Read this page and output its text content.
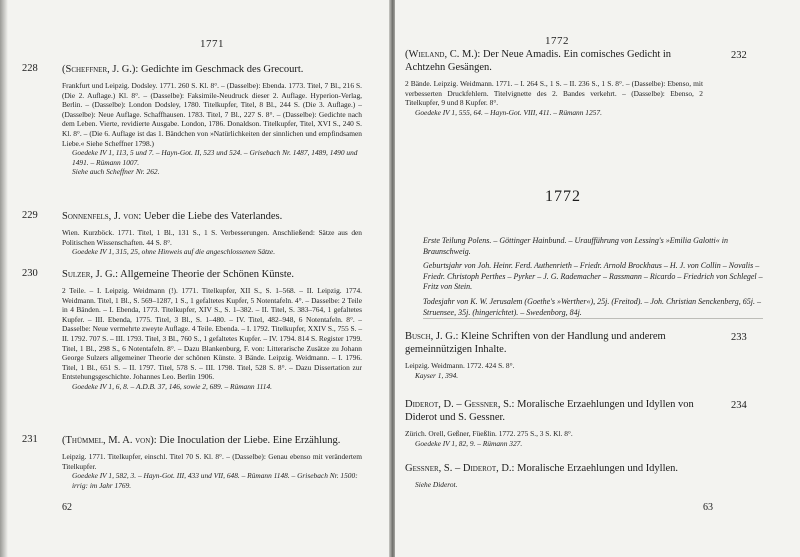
1771
228 (Scheffner, J. G.): Gedichte im Geschmack des Grecourt.
Frankfurt und Leipzig. Dodsley. 1771. 260 S. Kl. 8°. – (Dasselbe): Ebenda. 1773. Titel, 7 Bl., 216 S. (Die 2. Auflage.) Kl. 8°. – (Dasselbe): Faksimile-Neudruck dieser 2. Auflage. Hyperion-Verlag, Berlin. – (Dasselbe): London Dodsley, 1780. Titelkupfer, Titel, 8 Bl., 244 S. (Die 3. Auflage.) – (Dasselbe): Neue Auflage. Schaffhausen. 1783. Titel, 7 Bl., 227 S. 8°. – (Dasselbe): Gedichte nach dem Leben. Vierte, revidierte Ausgabe. London, 1786. Donaldson. Titelkupfer, Titel, XVI S., 240 S. Kl. 8°. – (Die 6. Auflage ist das 1. Bändchen von »Natürlichkeiten der sinnlichen und empfindsamen Liebe.« Siehe Scheffner 1798.)
Goedeke IV 1, 113, 5 und 7. – Hayn-Got. II, 523 und 524. – Grisebach Nr. 1487, 1489, 1490 und 1491. – Rümann 1007.
Siehe auch Scheffner Nr. 262.
229 Sonnenfels, J. von: Ueber die Liebe des Vaterlandes.
Wien. Kurzböck. 1771. Titel, 1 Bl., 131 S., 1 S. Verbesserungen. Anschließend: Sätze aus den Politischen Wissenschaften. 44 S. 8°.
Goedeke IV 1, 315, 25, ohne Hinweis auf die angeschlossenen Sätze.
230 Sulzer, J. G.: Allgemeine Theorie der Schönen Künste.
2 Teile. – I. Leipzig. Weidmann (!). 1771. Titelkupfer, XII S., S. 1–568. – II. Leipzig. 1774. Weidmann. Titel, 1 Bl., S. 569–1287, 1 S., 1 gefaltetes Kupfer, 5 Notentafeln. 4°. – Dasselbe: 2 Teile in 4 Bänden. – I. Ebenda, 1773. Titelkupfer, XIV S., S. 1–382. – II. Titel, S. 383–764, 1 gefaltetes Kupfer. – III. Ebenda, 1775. Titel, 3 Bl., S. 1–480. – IV. Titel, 482–948, 6 Notentafeln. 8°. – Dasselbe: Neue vermehrte zweyte Auflage. 4 Teile. Ebenda. – I. 1792. Titelkupfer, XXIV S., 755 S. – II. 1792. 707 S. – III. 1793. Titel, 3 Bl., 760 S., 1 gefaltetes Kupfer. – IV. 1794. 814 S. Register 1799. Titel, 1 Bl., 298 S., 6 Notentafeln. 8°. – Dazu Blankenburg, F. von: Litterarische Zusätze zu Johann George Sulzers allgemeiner Theorie der schönen Künste. 3 Bände. Leipzig. Weidmann. – I. 1796. Titel, 1 Bl., 651 S. – II. 1797. Titel, 578 S. – III. 1798. Titel, 528 S. 8°. – Dazu Dissertation zur Entstehungsgeschichte. Johannes Leo. Berlin 1906.
Goedeke IV 1, 6, 8. – A.D.B. 37, 146, sowie 2, 689. – Rümann 1114.
231 (Thümmel, M. A. von): Die Inoculation der Liebe. Eine Erzählung.
Leipzig. 1771. Titelkupfer, einschl. Titel 70 S. Kl. 8°. – (Dasselbe): Genau ebenso mit verändertem Titelkupfer.
Goedeke IV 1, 582, 3. – Hayn-Got. III, 433 und VII, 648. – Rümann 1148. – Grisebach Nr. 1500: irrig: im Jahr 1769.
62
1772
(Wieland, C. M.): Der Neue Amadis. Ein comisches Gedicht in Achtzehn Gesängen.
2 Bände. Leipzig. Weidmann. 1771. – I. 264 S., 1 S. – II. 236 S., 1 S. 8°. – (Dasselbe): Ebenso, mit verbesserten Druckfehlern. Titelvignette des 2. Bandes verkehrt. – (Dasselbe): Ebenso, 2 Titelkupfer, 9 und 8 Kupfer. 8°.
Goedeke IV 1, 555, 64. – Hayn-Got. VIII, 411. – Rümann 1257.
232
1772
Erste Teilung Polens. – Göttinger Hainbund. – Uraufführung von Lessing's »Emilia Galotti« in Braunschweig.
Geburtsjahr von Joh. Heinr. Ferd. Authenrieth – Friedr. Arnold Brockhaus – H. J. von Collin – Novalis – Friedr. Christoph Perthes – Pyrker – J. G. Rademacher – Rassmann – Ricardo – Friedrich von Schlegel – Fritz von Stein.
Todesjahr von K. W. Jerusalem (Goethe's »Werther«), 25j. (Freitod). – Joh. Christian Senckenberg, 65j. – Struensee, 35j. (hingerichtet). – Swedenborg, 84j.
Busch, J. G.: Kleine Schriften von der Handlung und anderem gemeinnützigen Inhalte.
Leipzig. Weidmann. 1772. 424 S. 8°.
Kayser 1, 394.
233
Diderot, D. – Gessner, S.: Moralische Erzaehlungen und Idyllen von Diderot und S. Gessner.
Zürich. Orell, Geßner, Füeßlin. 1772. 275 S., 3 S. Kl. 8°.
Goedeke IV 1, 82, 9. – Rümann 327.
234
Gessner, S. – Diderot, D.: Moralische Erzaehlungen und Idyllen.
Siehe Diderot.
63
